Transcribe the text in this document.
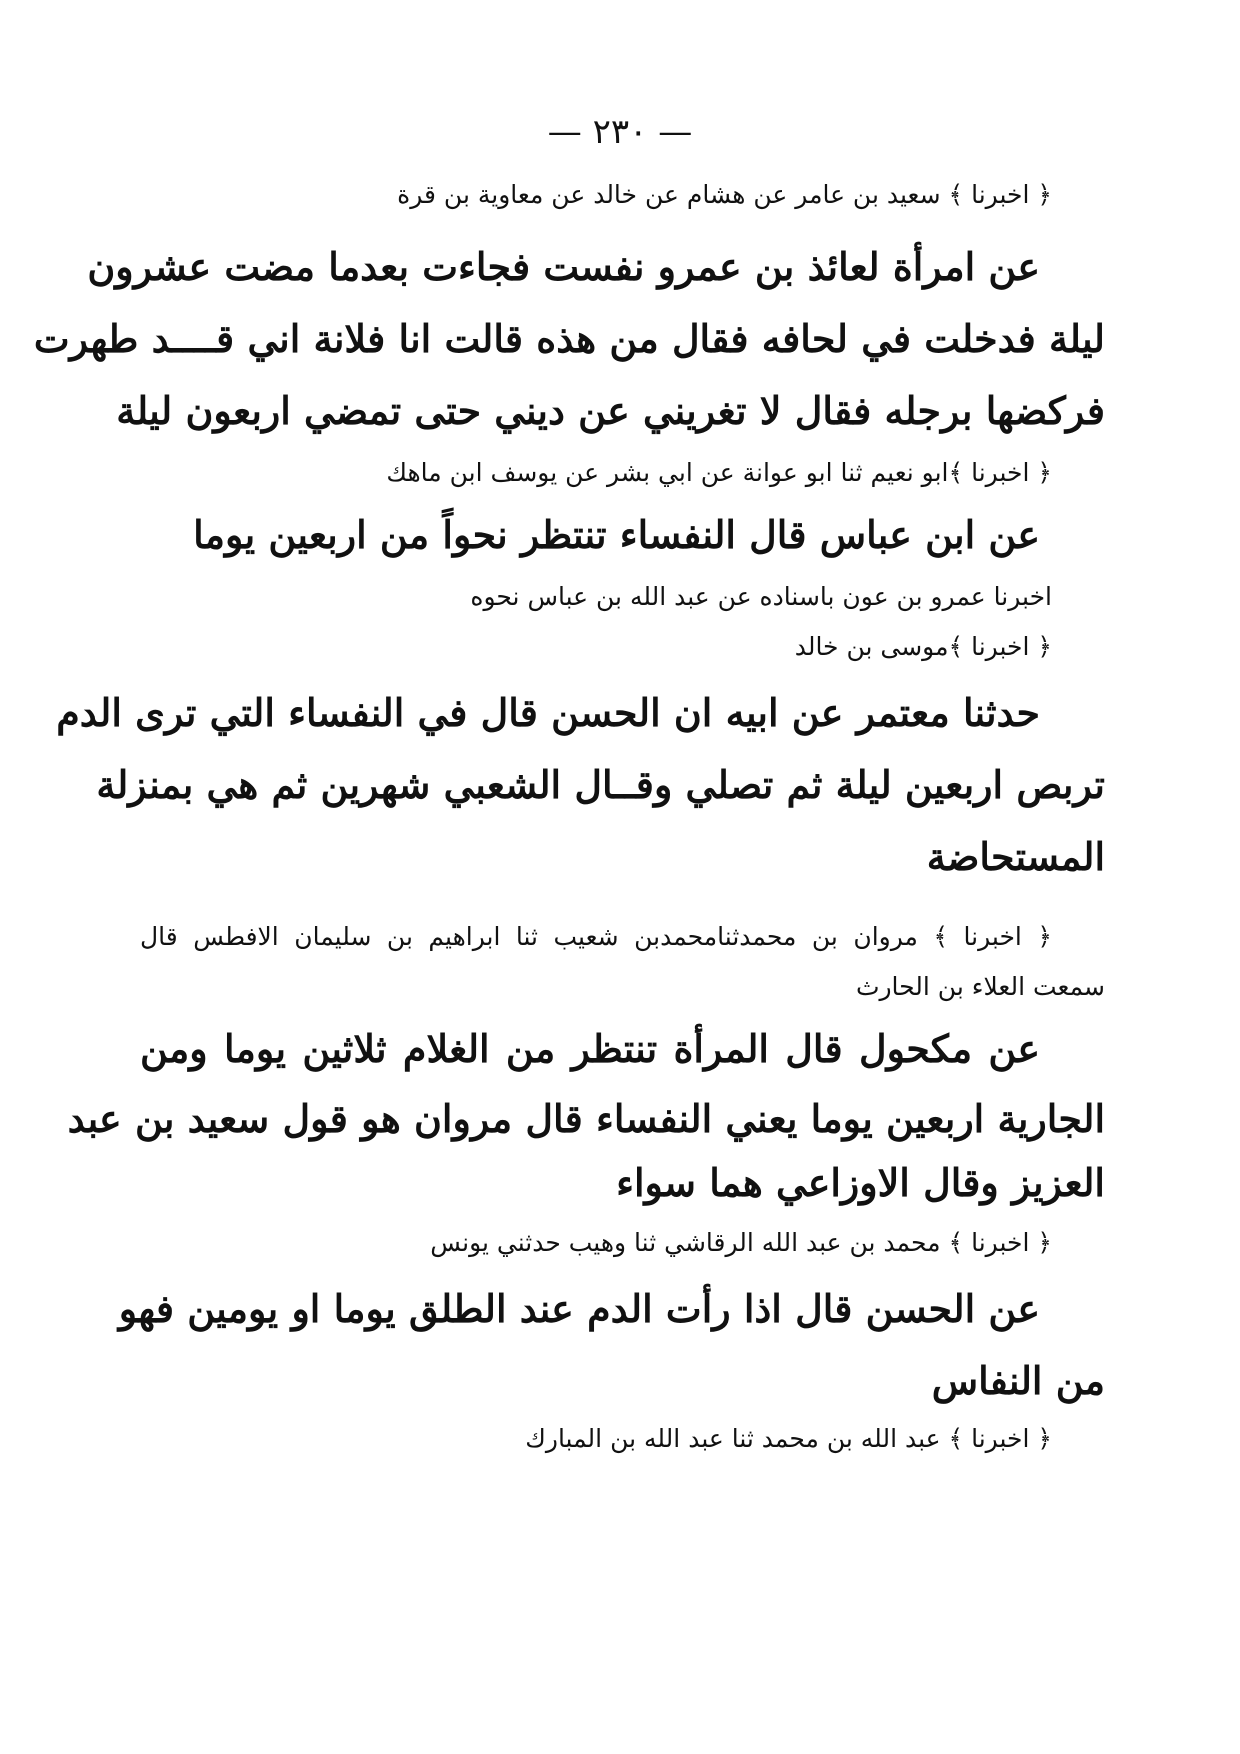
— ٢٣٠ —
﴿ اخبرنا ﴾ سعيد بن عامر عن هشام عن خالد عن معاوية بن قرة
عن امرأة لعائذ بن عمرو نفست فجاءت بعدما مضت عشرون
ليلة فدخلت في لحافه فقال من هذه قالت انا فلانة اني قــــد طهرت
فركضها برجله فقال لا تغريني عن ديني حتى تمضي اربعون ليلة
﴿ اخبرنا ﴾ابو نعيم ثنا ابو عوانة عن ابي بشر عن يوسف ابن ماهك
عن ابن عباس قال النفساء تنتظر نحواً من اربعين يوما
اخبرنا عمرو بن عون باسناده عن عبد الله بن عباس نحوه
﴿ اخبرنا ﴾موسى بن خالد
حدثنا معتمر عن ابيه ان الحسن قال في النفساء التي ترى الدم
تربص اربعين ليلة ثم تصلي وقــال الشعبي شهرين ثم هي بمنزلة
المستحاضة
﴿ اخبرنا ﴾ مروان بن محمدثنامحمدبن شعيب ثنا ابراهيم بن سليمان الافطس قال
سمعت العلاء بن الحارث
عن مكحول قال المرأة تنتظر من الغلام ثلاثين يوما ومن
الجارية اربعين يوما يعني النفساء قال مروان هو قول سعيد بن عبد
العزيز وقال الاوزاعي هما سواء
﴿ اخبرنا ﴾ محمد بن عبد الله الرقاشي ثنا وهيب حدثني يونس
عن الحسن قال اذا رأت الدم عند الطلق يوما او يومين فهو
من النفاس
﴿ اخبرنا ﴾ عبد الله بن محمد ثنا عبد الله بن المبارك
